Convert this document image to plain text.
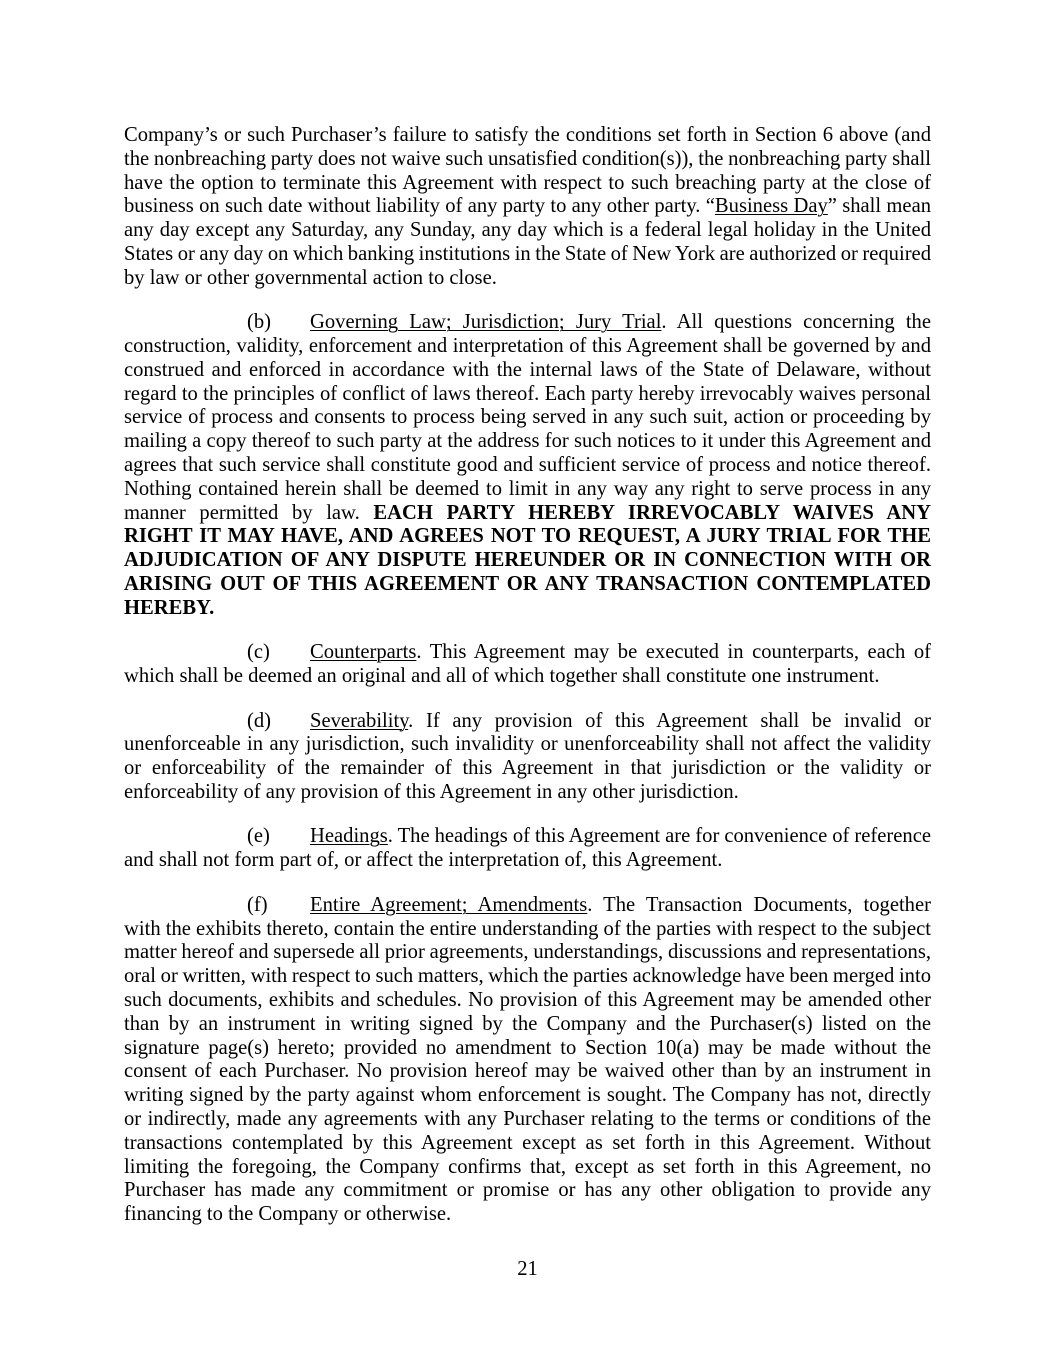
Company’s or such Purchaser’s failure to satisfy the conditions set forth in Section 6 above (and
the nonbreaching party does not waive such unsatisfied condition(s)), the nonbreaching party shall
have the option to terminate this Agreement with respect to such breaching party at the close of
business on such date without liability of any party to any other party. “Business Day” shall mean
any day except any Saturday, any Sunday, any day which is a federal legal holiday in the United
States or any day on which banking institutions in the State of New York are authorized or required
by law or other governmental action to close.
(b)	Governing Law; Jurisdiction; Jury Trial. All questions concerning the
construction, validity, enforcement and interpretation of this Agreement shall be governed by and
construed and enforced in accordance with the internal laws of the State of Delaware, without
regard to the principles of conflict of laws thereof. Each party hereby irrevocably waives personal
service of process and consents to process being served in any such suit, action or proceeding by
mailing a copy thereof to such party at the address for such notices to it under this Agreement and
agrees that such service shall constitute good and sufficient service of process and notice thereof.
Nothing contained herein shall be deemed to limit in any way any right to serve process in any
manner permitted by law. EACH PARTY HEREBY IRREVOCABLY WAIVES ANY
RIGHT IT MAY HAVE, AND AGREES NOT TO REQUEST, A JURY TRIAL FOR THE
ADJUDICATION OF ANY DISPUTE HEREUNDER OR IN CONNECTION WITH OR
ARISING OUT OF THIS AGREEMENT OR ANY TRANSACTION CONTEMPLATED
HEREBY.
(c)	Counterparts. This Agreement may be executed in counterparts, each of
which shall be deemed an original and all of which together shall constitute one instrument.
(d)	Severability. If any provision of this Agreement shall be invalid or
unenforceable in any jurisdiction, such invalidity or unenforceability shall not affect the validity
or enforceability of the remainder of this Agreement in that jurisdiction or the validity or
enforceability of any provision of this Agreement in any other jurisdiction.
(e)	Headings. The headings of this Agreement are for convenience of reference
and shall not form part of, or affect the interpretation of, this Agreement.
(f)	Entire Agreement; Amendments. The Transaction Documents, together
with the exhibits thereto, contain the entire understanding of the parties with respect to the subject
matter hereof and supersede all prior agreements, understandings, discussions and representations,
oral or written, with respect to such matters, which the parties acknowledge have been merged into
such documents, exhibits and schedules. No provision of this Agreement may be amended other
than by an instrument in writing signed by the Company and the Purchaser(s) listed on the
signature page(s) hereto; provided no amendment to Section 10(a) may be made without the
consent of each Purchaser. No provision hereof may be waived other than by an instrument in
writing signed by the party against whom enforcement is sought. The Company has not, directly
or indirectly, made any agreements with any Purchaser relating to the terms or conditions of the
transactions contemplated by this Agreement except as set forth in this Agreement. Without
limiting the foregoing, the Company confirms that, except as set forth in this Agreement, no
Purchaser has made any commitment or promise or has any other obligation to provide any
financing to the Company or otherwise.
21
